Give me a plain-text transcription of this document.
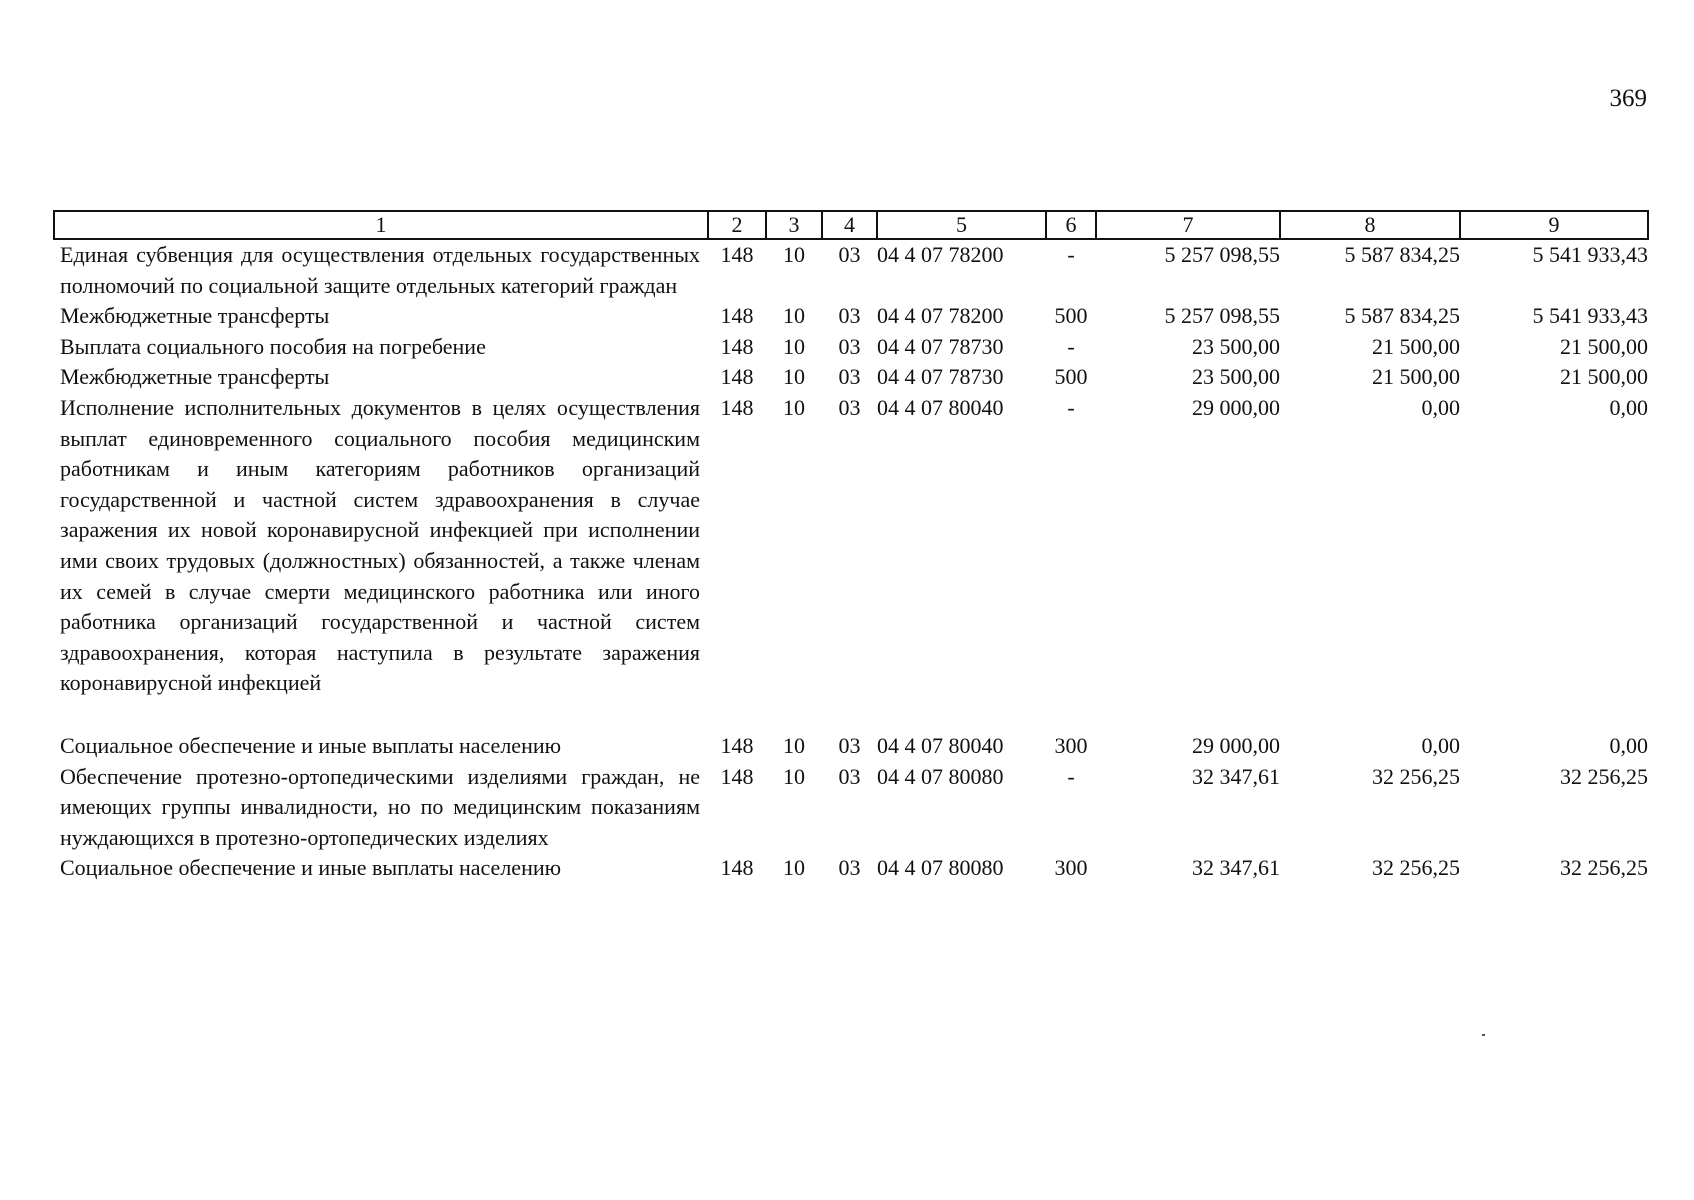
369
1	2	3	4	5	6	7	8	9
Единая субвенция для осуществления отдельных государственных полномочий по социальной защите отдельных категорий граждан	148	10	03	04 4 07 78200	-	5 257 098,55	5 587 834,25	5 541 933,43
Межбюджетные трансферты	148	10	03	04 4 07 78200	500	5 257 098,55	5 587 834,25	5 541 933,43
Выплата социального пособия на погребение	148	10	03	04 4 07 78730	-	23 500,00	21 500,00	21 500,00
Межбюджетные трансферты	148	10	03	04 4 07 78730	500	23 500,00	21 500,00	21 500,00
Исполнение исполнительных документов в целях осуществления выплат единовременного социального пособия медицинским работникам и иным категориям работников организаций государственной и частной систем здравоохранения в случае заражения их новой коронавирусной инфекцией при исполнении ими своих трудовых (должностных) обязанностей, а также членам их семей в случае смерти медицинского работника или иного работника организаций государственной и частной систем здравоохранения, которая наступила в результате заражения коронавирусной инфекцией	148	10	03	04 4 07 80040	-	29 000,00	0,00	0,00

Социальное обеспечение и иные выплаты населению	148	10	03	04 4 07 80040	300	29 000,00	0,00	0,00
Обеспечение протезно-ортопедическими изделиями граждан, не имеющих группы инвалидности, но по медицинским показаниям нуждающихся в протезно-ортопедических изделиях	148	10	03	04 4 07 80080	-	32 347,61	32 256,25	32 256,25
Социальное обеспечение и иные выплаты населению	148	10	03	04 4 07 80080	300	32 347,61	32 256,25	32 256,25
